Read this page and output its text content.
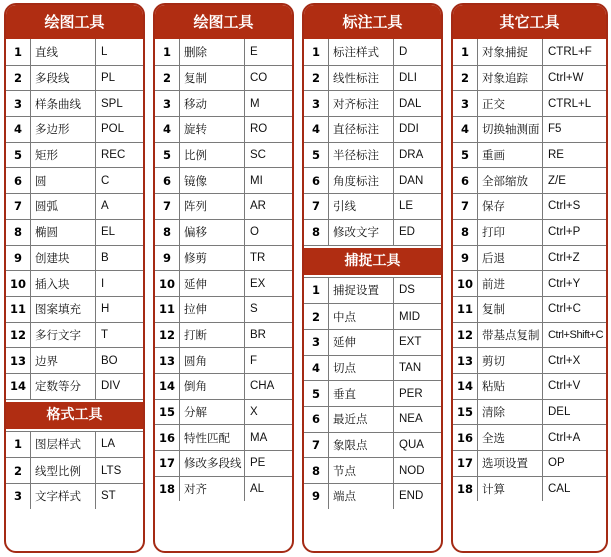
绘图工具
1	直线	L
2	多段线	PL
3	样条曲线	SPL
4	多边形	POL
5	矩形	REC
6	圆	C
7	圆弧	A
8	椭圆	EL
9	创建块	B
10 插入块	I
11 图案填充	H
12 多行文字	T
13 边界	BO
14 定数等分	DIV
格式工具
1	图层样式	LA
2	线型比例	LTS
3	文字样式	ST
绘图工具
1	删除	E
2	复制	CO
3	移动	M
4	旋转	RO
5	比例	SC
6	镜像	MI
7	阵列	AR
8	偏移	O
9	修剪	TR
10 延伸	EX
11 拉伸	S
12 打断	BR
13 圆角	F
14 倒角	CHA
15 分解	X
16 特性匹配	MA
17 修改多段线 PE
18 对齐	AL
标注工具
1	标注样式	D
2	线性标注	DLI
3	对齐标注	DAL
4	直径标注	DDI
5	半径标注	DRA
6	角度标注	DAN
7	引线	LE
8	修改文字	ED
捕捉工具
1	捕捉设置	DS
2	中点	MID
3	延伸	EXT
4	切点	TAN
5	垂直	PER
6	最近点	NEA
7	象限点	QUA
8	节点	NOD
9	端点	END
其它工具
1	对象捕捉	CTRL+F
2	对象追踪	Ctrl+W
3	正交	CTRL+L
4	切换轴测面 F5
5	重画	RE
6	全部缩放	Z/E
7	保存	Ctrl+S
8	打印	Ctrl+P
9	后退	Ctrl+Z
10 前进	Ctrl+Y
11 复制	Ctrl+C
12 带基点复制 Ctrl+Shift+C
13 剪切	Ctrl+X
14 粘贴	Ctrl+V
15 清除	DEL
16 全选	Ctrl+A
17 选项设置	OP
18 计算	CAL
